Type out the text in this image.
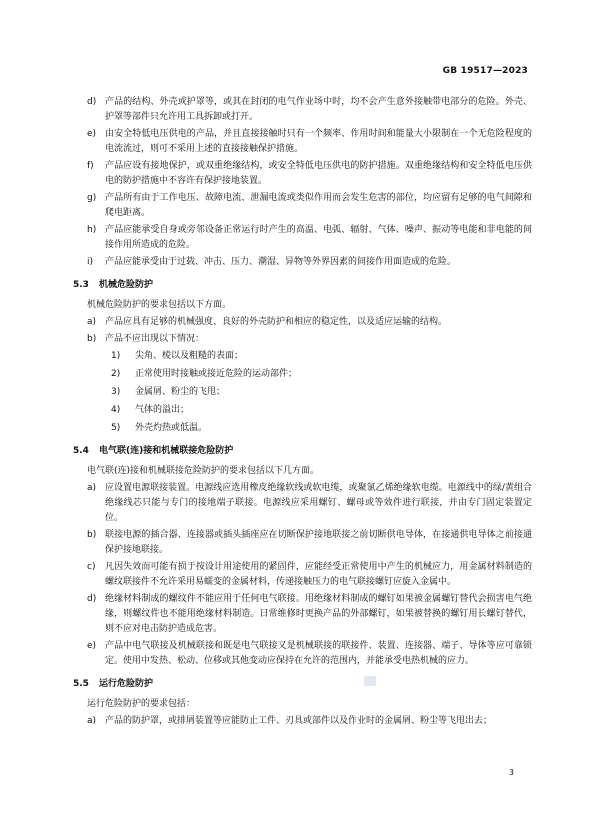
GB 19517—2023
d) 产品的结构、外壳或护罩等，或其在封闭的电气作业场中时，均不会产生意外接触带电部分的危险。外壳、护罩等部件只允许用工具拆卸或打开。
e) 由安全特低电压供电的产品，并且直接接触时只有一个频率、作用时间和能量大小限制在一个无危险程度的电流流过，则可不采用上述的直接接触保护措施。
f) 产品应设有接地保护，或双重绝缘结构，或安全特低电压供电的防护措施。双重绝缘结构和安全特低电压供电的防护措施中不容许有保护接地装置。
g) 产品所有由于工作电压、故障电流、泄漏电流或类似作用而会发生危害的部位，均应留有足够的电气间隙和爬电距离。
h) 产品应能承受自身或旁邻设备正常运行时产生的高温、电弧、辐射、气体、噪声、振动等电能和非电能的间接作用所造成的危险。
i) 产品应能承受由于过载、冲击、压力、潮湿、异物等外界因素的间接作用面造成的危险。
5.3 机械危险防护
机械危险防护的要求包括以下方面。
a) 产品应具有足够的机械强度、良好的外壳防护和相应的稳定性，以及适应运输的结构。
b) 产品不应出现以下情况：
1) 尖角、棱以及粗糙的表面；
2) 正常使用时接触或接近危险的运动部件；
3) 金属屑、粉尘的飞甩；
4) 气体的溢出；
5) 外壳灼热或低温。
5.4 电气联(连)接和机械联接危险防护
电气联(连)接和机械联接危险防护的要求包括以下几方面。
a) 应设置电源联接装置。电源线应选用橡皮绝缘软线或软电缆，或聚氯乙烯绝缘软电缆。电源线中的绿/黄组合绝缘线芯只能与专门的接地端子联接。电源线应采用螺钉、螺母或等效件进行联接，并由专门固定装置定位。
b) 联接电源的插合器、连接器或插头插座应在切断保护接地联接之前切断供电导体，在接通供电导体之前接通保护接地联接。
c) 凡因失效而可能有损于按设计用途使用的紧固件，应能经受正常使用中产生的机械应力，用金属材料制造的螺纹联接件不允许采用易蠕变的金属材料，传递接触压力的电气联接螺钉应旋入金属中。
d) 绝缘材料制成的螺纹件不能应用于任何电气联接。用绝缘材料制成的螺钉如果被金属螺钉替代会损害电气绝缘，则螺纹件也不能用绝缘材料制造。日常维修时更换产品的外部螺钉，如果被替换的螺钉用长螺钉替代，则不应对电击防护造成危害。
e) 产品中电气联接及机械联接和既是电气联接又是机械联接的联接件、装置、连接器、端子、导体等应可靠锁定。使用中发热、松动、位移或其他变动应保持在允许的范围内，并能承受电热机械的应力。
5.5 运行危险防护
运行危险防护的要求包括：
a) 产品的防护罩，或排屑装置等应能防止工件、刃具或部件以及作业时的金属屑、粉尘等飞甩出去；
3
